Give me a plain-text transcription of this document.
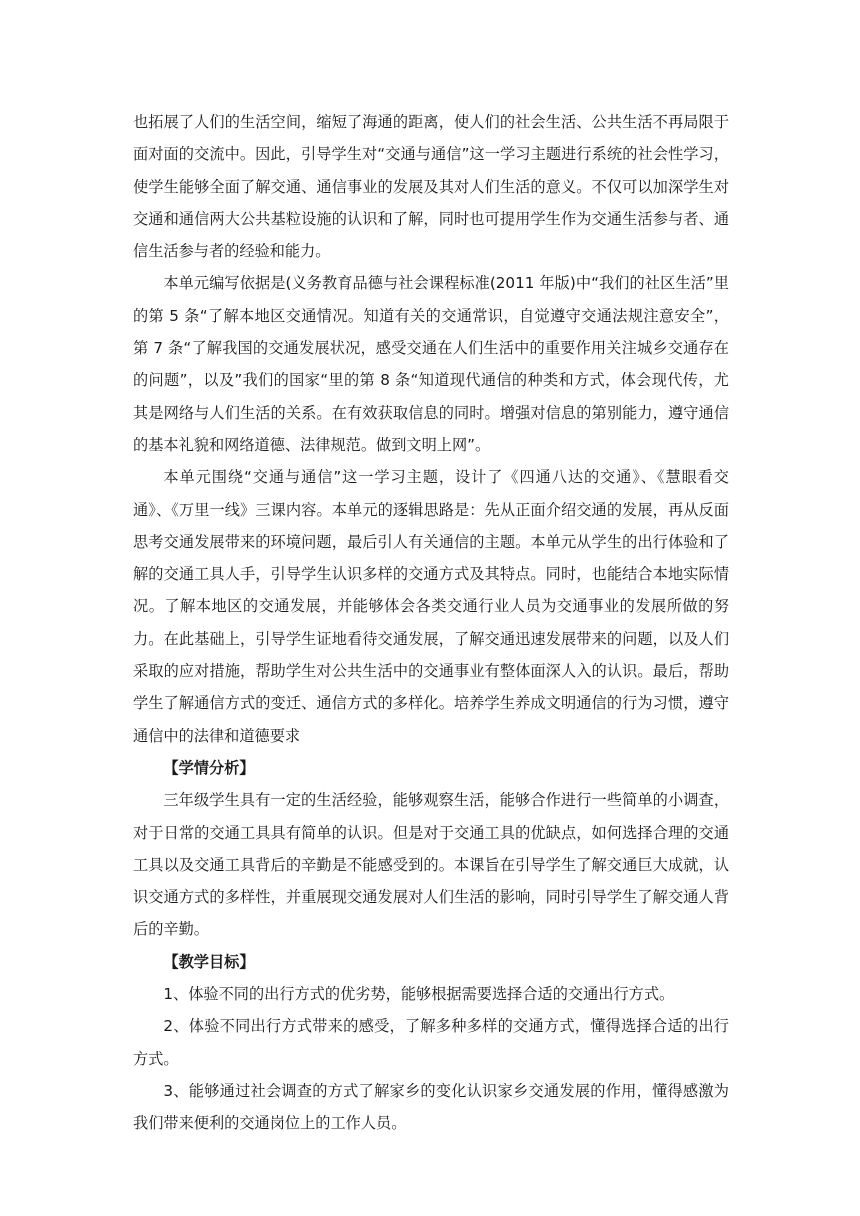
也拓展了人们的生活空间，缩短了海通的距离，使人们的社会生活、公共生活不再局限于面对面的交流中。因此，引导学生对“交通与通信”这一学习主题进行系统的社会性学习，使学生能够全面了解交通、通信事业的发展及其对人们生活的意义。不仅可以加深学生对交通和通信两大公共基粒设施的认识和了解，同时也可提用学生作为交通生活参与者、通信生活参与者的经验和能力。

本单元编写依据是(义务教育品德与社会课程标准(2011 年版)中“我们的社区生活”里的第 5 条“了解本地区交通情况。知道有关的交通常识，自觉遵守交通法规注意安全”，第 7 条“了解我国的交通发展状况，感受交通在人们生活中的重要作用关注城乡交通存在的问题”，以及”我们的国家“里的第 8 条“知道现代通信的种类和方式，体会现代传，尤其是网络与人们生活的关系。在有效获取信息的同时。增强对信息的第别能力，遵守通信的基本礼貌和网络道德、法律规范。做到文明上网”。

本单元围绕“交通与通信”这一学习主题，设计了《四通八达的交通》、《慧眼看交通》、《万里一线》三课内容。本单元的逐辑思路是：先从正面介绍交通的发展，再从反面思考交通发展带来的环境问题，最后引人有关通信的主题。本单元从学生的出行体验和了解的交通工具人手，引导学生认识多样的交通方式及其特点。同时，也能结合本地实际情况。了解本地区的交通发展，并能够体会各类交通行业人员为交通事业的发展所做的努力。在此基础上，引导学生证地看待交通发展，了解交通迅速发展带来的问题，以及人们采取的应对措施，帮助学生对公共生活中的交通事业有整体面深人入的认识。最后，帮助学生了解通信方式的变迁、通信方式的多样化。培养学生养成文明通信的行为习惯，遵守通信中的法律和道德要求

【学情分析】

三年级学生具有一定的生活经验，能够观察生活，能够合作进行一些简单的小调查，对于日常的交通工具具有简单的认识。但是对于交通工具的优缺点，如何选择合理的交通工具以及交通工具背后的辛勤是不能感受到的。本课旨在引导学生了解交通巨大成就，认识交通方式的多样性，并重展现交通发展对人们生活的影响，同时引导学生了解交通人背后的辛勤。

【教学目标】

1、体验不同的出行方式的优劣势，能够根据需要选择合适的交通出行方式。

2、体验不同出行方式带来的感受，了解多种多样的交通方式，懂得选择合适的出行方式。

3、能够通过社会调查的方式了解家乡的变化认识家乡交通发展的作用，懂得感激为我们带来便利的交通岗位上的工作人员。
